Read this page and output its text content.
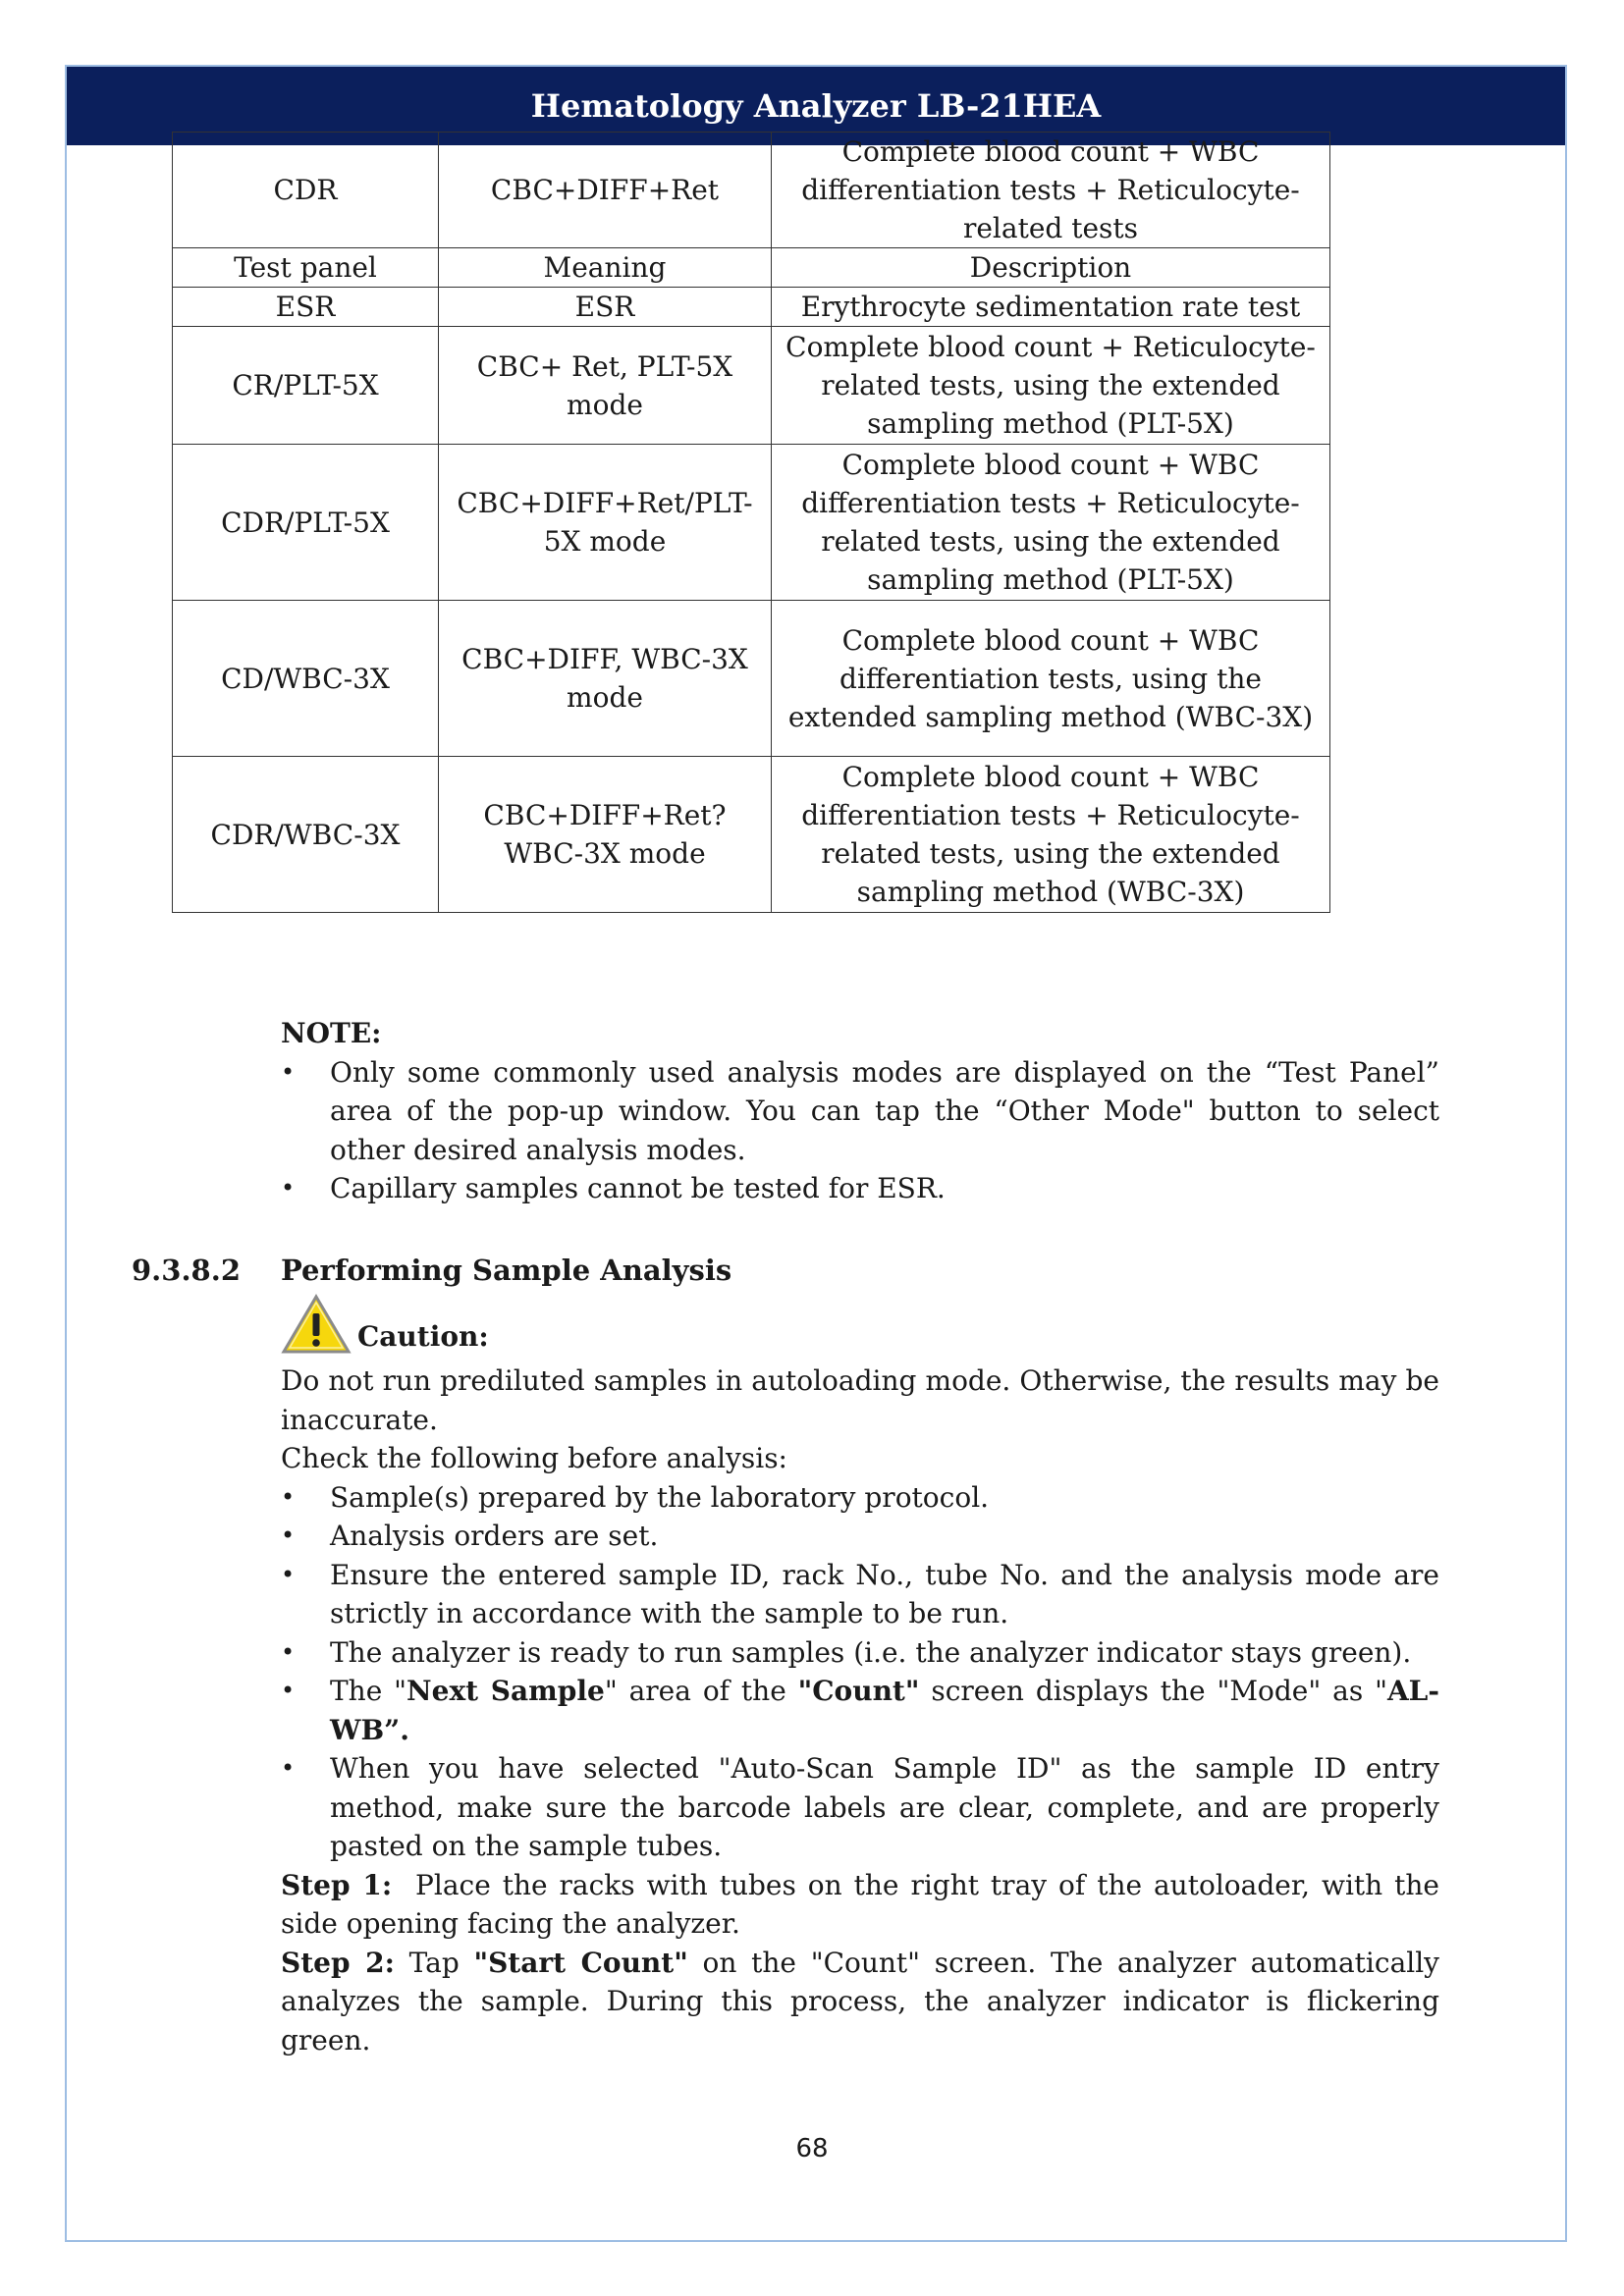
Hematology Analyzer LB-21HEA
CDR	CBC+DIFF+Ret	Complete blood count + WBC differentiation tests + Reticulocyte-related tests
Test panel	Meaning	Description
ESR	ESR	Erythrocyte sedimentation rate test
CR/PLT-5X	CBC+ Ret, PLT-5X mode	Complete blood count + Reticulocyte-related tests, using the extended sampling method (PLT-5X)
CDR/PLT-5X	CBC+DIFF+Ret/PLT-5X mode	Complete blood count + WBC differentiation tests + Reticulocyte-related tests, using the extended sampling method (PLT-5X)
CD/WBC-3X	CBC+DIFF, WBC-3X mode	Complete blood count + WBC differentiation tests, using the extended sampling method (WBC-3X)
CDR/WBC-3X	CBC+DIFF+Ret?WBC-3X mode	Complete blood count + WBC differentiation tests + Reticulocyte-related tests, using the extended sampling method (WBC-3X)
NOTE:
•	Only some commonly used analysis modes are displayed on the “Test Panel” area of the pop-up window. You can tap the “Other Mode" button to select other desired analysis modes.
•	Capillary samples cannot be tested for ESR.
9.3.8.2 Performing Sample Analysis
Caution:
Do not run prediluted samples in autoloading mode. Otherwise, the results may be inaccurate.
Check the following before analysis:
•	Sample(s) prepared by the laboratory protocol.
•	Analysis orders are set.
•	Ensure the entered sample ID, rack No., tube No. and the analysis mode are strictly in accordance with the sample to be run.
•	The analyzer is ready to run samples (i.e. the analyzer indicator stays green).
•	The "Next Sample" area of the "Count" screen displays the "Mode" as "AL-WB”.
•	When you have selected "Auto-Scan Sample ID" as the sample ID entry method, make sure the barcode labels are clear, complete, and are properly pasted on the sample tubes.
Step 1:  Place the racks with tubes on the right tray of the autoloader, with the side opening facing the analyzer.
Step 2: Tap "Start Count" on the "Count" screen. The analyzer automatically analyzes the sample. During this process, the analyzer indicator is flickering green.
68
